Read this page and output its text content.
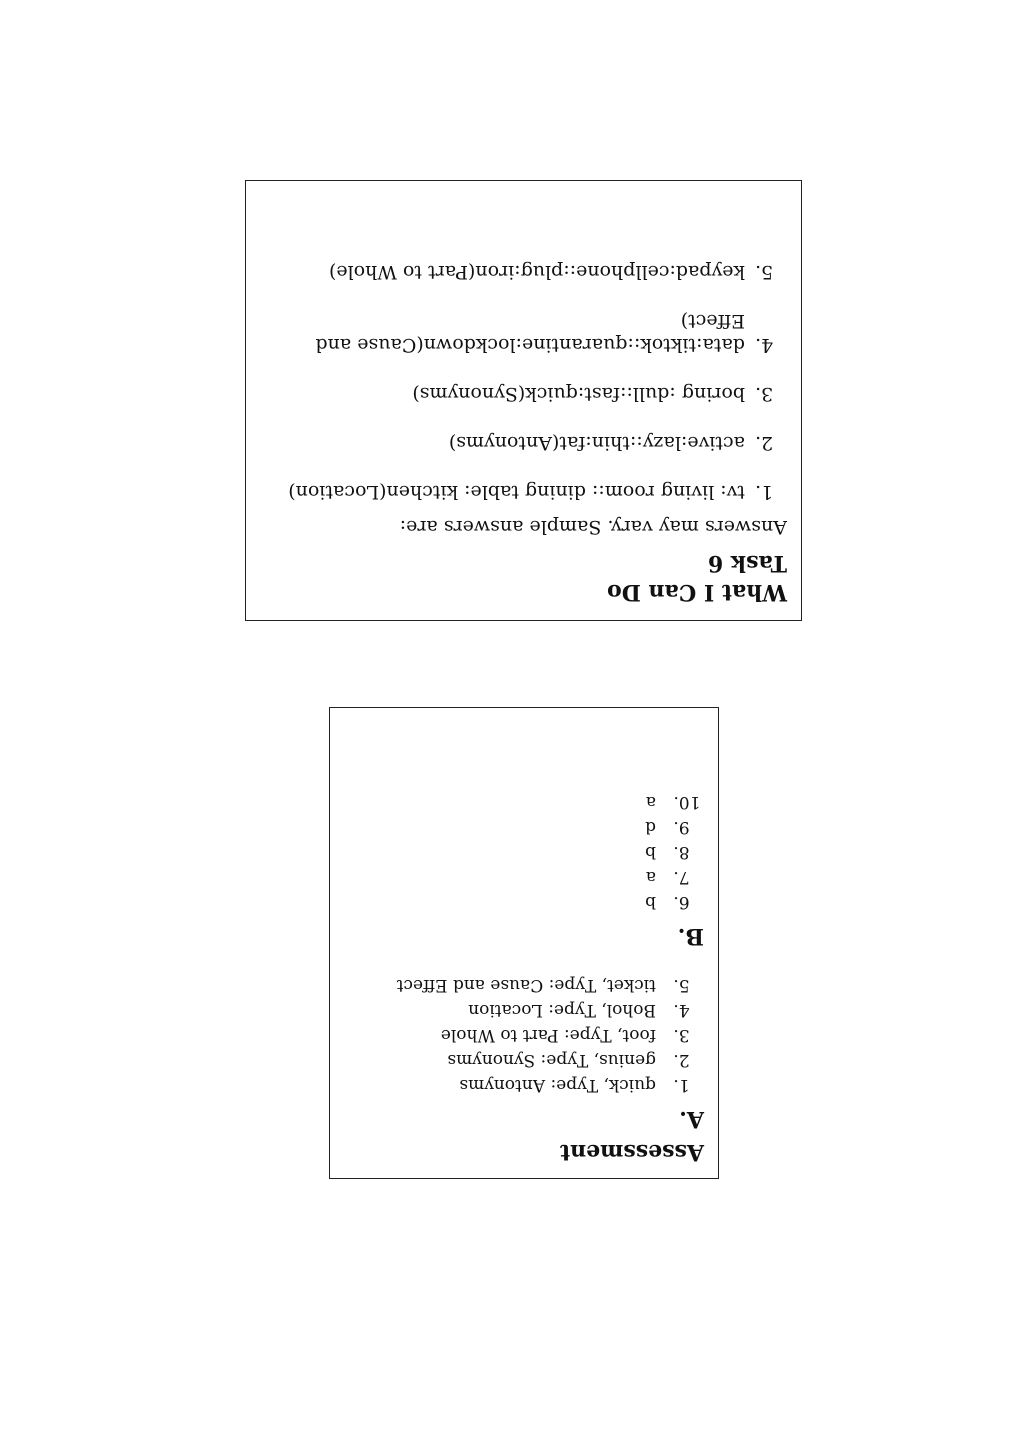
What I Can Do
Task 6
Answers may vary. Sample answers are:
1. tv: living room:: dining table: kitchen(Location)
2. active:lazy::thin:fat(Antonyms)
3. boring :dull::fast:quick(Synonyms)
4. data:tiktok::quarantine:lockdown(Cause and Effect)
5. keypad:cellphone::plug:iron(Part to Whole)
Assessment
A.
1. quick, Type: Antonyms
2. genius, Type: Synonyms
3. foot, Type: Part to Whole
4. Bohol, Type: Location
5. ticket, Type: Cause and Effect
B.
6. b
7. a
8. b
9. d
10. a
